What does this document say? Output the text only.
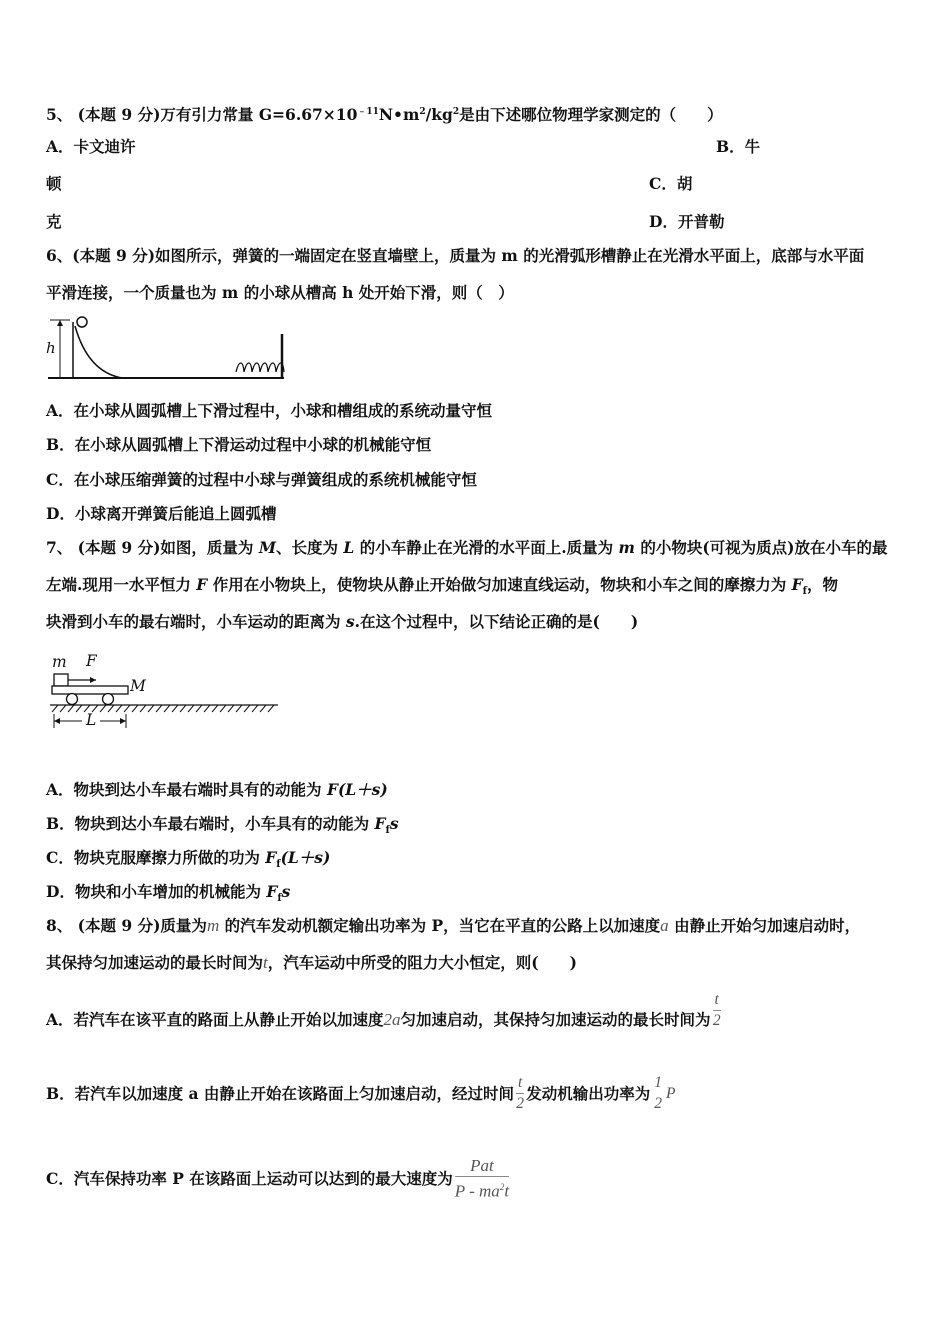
5、 (本题 9 分)万有引力常量 $G=6.67\times 10^{﹣11}N•m^2/kg^2$是由下述哪位物理学家测定的（　　）
A．卡文迪许	B．牛
顿	C．胡
克	D．开普勒
6、(本题 9 分)如图所示，弹簧的一端固定在竖直墙壁上，质量为 m 的光滑弧形槽静止在光滑水平面上，底部与水平面
平滑连接，一个质量也为 m 的小球从槽高 h 处开始下滑，则（　）
h
A．在小球从圆弧槽上下滑过程中，小球和槽组成的系统动量守恒
B．在小球从圆弧槽上下滑运动过程中小球的机械能守恒
C．在小球压缩弹簧的过程中小球与弹簧组成的系统机械能守恒
D．小球离开弹簧后能追上圆弧槽
7、 (本题 9 分)如图，质量为 M、长度为 L 的小车静止在光滑的水平面上.质量为 m 的小物块(可视为质点)放在小车的最
左端.现用一水平恒力 F 作用在小物块上，使物块从静止开始做匀加速直线运动，物块和小车之间的摩擦力为 $F_f$，物
块滑到小车的最右端时，小车运动的距离为 s.在这个过程中，以下结论正确的是(　　)
m F
M
L
A．物块到达小车最右端时具有的动能为 F(L＋s)
B．物块到达小车最右端时，小车具有的动能为 $F_fs$
C．物块克服摩擦力所做的功为 $F_f(L+s)$
D．物块和小车增加的机械能为 $F_fs$
8、 (本题 9 分)质量为m 的汽车发动机额定输出功率为 P，当它在平直的公路上以加速度a 由静止开始匀加速启动时，
其保持匀加速运动的最长时间为t，汽车运动中所受的阻力大小恒定，则(　　)
A．若汽车在该平直的路面上从静止开始以加速度2a匀加速启动，其保持匀加速运动的最长时间为 $\frac{t}{2}$
B．若汽车以加速度 a 由静止开始在该路面上匀加速启动，经过时间 $\frac{t}{2}$ 发动机输出功率为 $\frac{1}{2}$ P
C．汽车保持功率 P 在该路面上运动可以达到的最大速度为 $\frac{\text{Pat}}{P - ma^2t}$
